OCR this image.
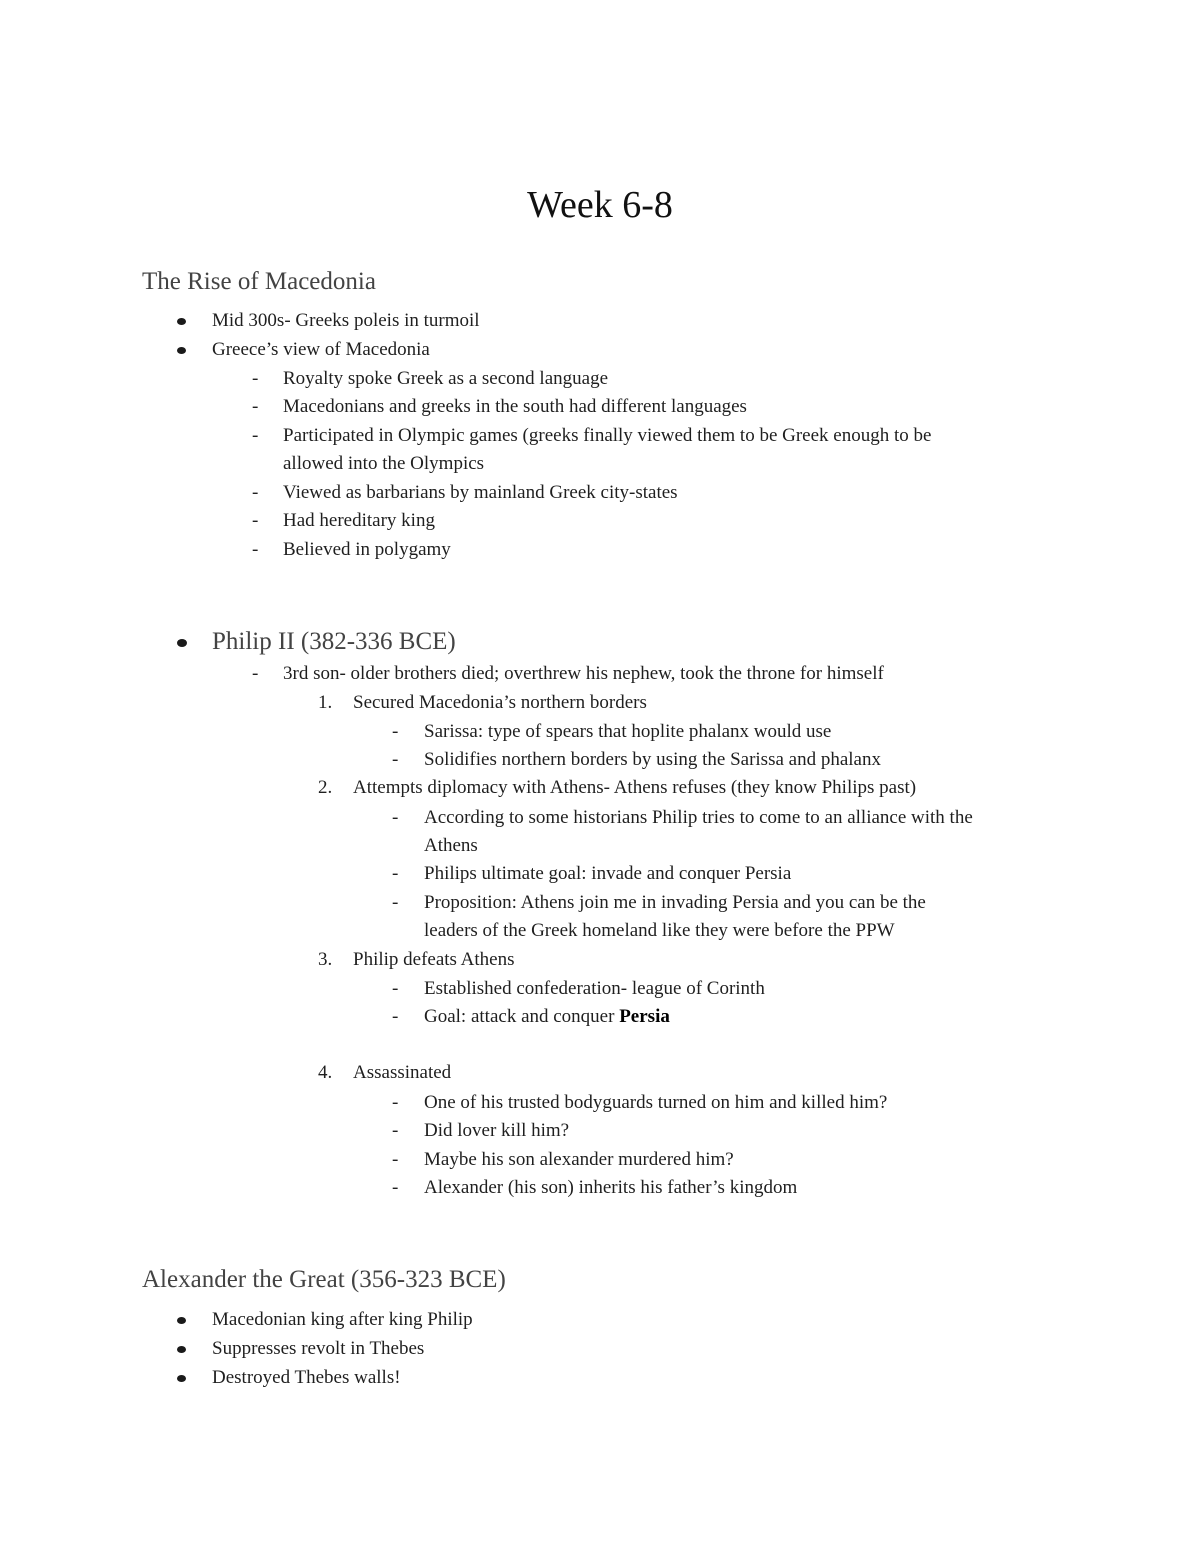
Week 6-8
The Rise of Macedonia
Mid 300s- Greeks poleis in turmoil
Greece’s view of Macedonia
- Royalty spoke Greek as a second language
- Macedonians and greeks in the south had different languages
- Participated in Olympic games (greeks finally viewed them to be Greek enough to be
allowed into the Olympics
- Viewed as barbarians by mainland Greek city-states
- Had hereditary king
- Believed in polygamy
Philip II (382-336 BCE)
- 3rd son- older brothers died; overthrew his nephew, took the throne for himself
1. Secured Macedonia’s northern borders
- Sarissa: type of spears that hoplite phalanx would use
- Solidifies northern borders by using the Sarissa and phalanx
2. Attempts diplomacy with Athens- Athens refuses (they know Philips past)
- According to some historians Philip tries to come to an alliance with the
Athens
- Philips ultimate goal: invade and conquer Persia
- Proposition: Athens join me in invading Persia and you can be the
leaders of the Greek homeland like they were before the PPW
3. Philip defeats Athens
- Established confederation- league of Corinth
- Goal: attack and conquer Persia
4. Assassinated
- One of his trusted bodyguards turned on him and killed him?
- Did lover kill him?
- Maybe his son alexander murdered him?
- Alexander (his son) inherits his father’s kingdom
Alexander the Great (356-323 BCE)
Macedonian king after king Philip
Suppresses revolt in Thebes
Destroyed Thebes walls!
